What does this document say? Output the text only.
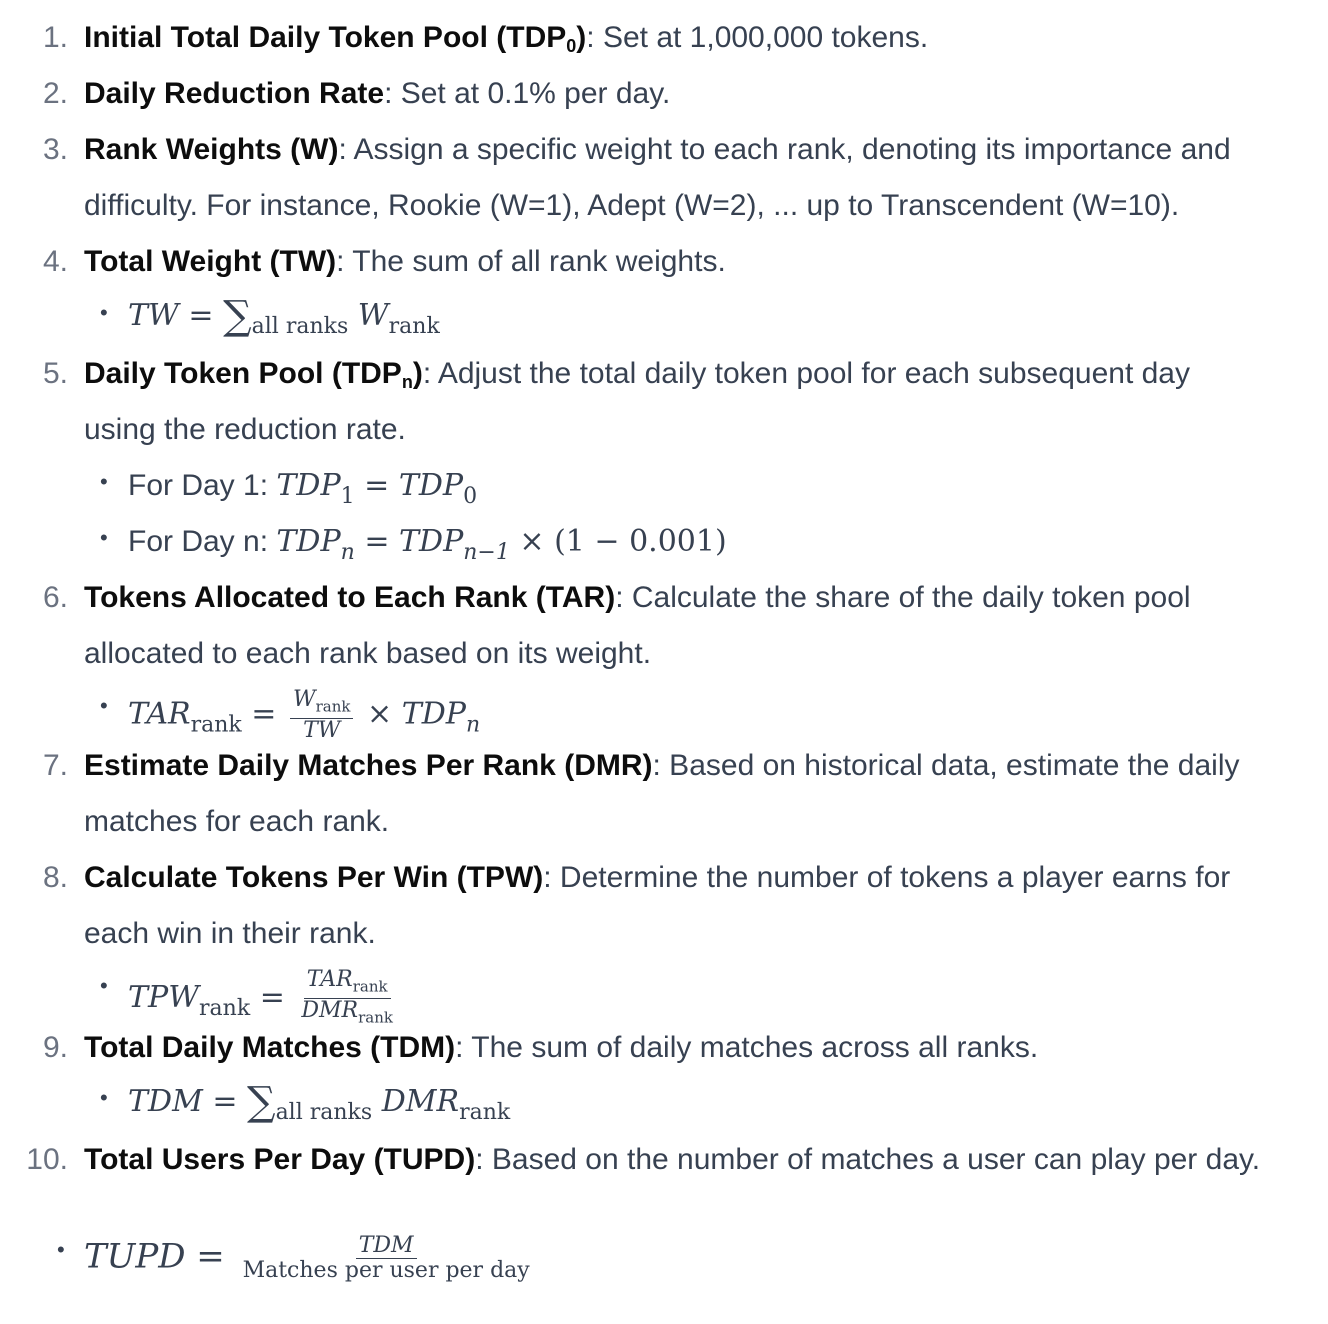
1. Initial Total Daily Token Pool $(TDP_0)$: Set at 1,000,000 tokens.
2. Daily Reduction Rate: Set at 0.1% per day.
3. Rank Weights (W): Assign a specific weight to each rank, denoting its importance and
difficulty. For instance, Rookie (W=1), Adept (W=2), ... up to Transcendent (W=10).
4. Total Weight (TW): The sum of all rank weights.
• TW = $\sum_{all ranks}$ $W_{rank}$
5. Daily Token Pool $(TDP_n)$: Adjust the total daily token pool for each subsequent day
using the reduction rate.
• For Day 1: $TDP_1 = TDP_0$
• For Day n: $TDP_n = TDP_{n-1} \times (1 - 0.001)$
6. Tokens Allocated to Each Rank (TAR): Calculate the share of the daily token pool
allocated to each rank based on its weight.
• $TAR_{rank} = \frac{W_{rank}}{TW} \times TDP_n$
7. Estimate Daily Matches Per Rank (DMR): Based on historical data, estimate the daily
matches for each rank.
8. Calculate Tokens Per Win (TPW): Determine the number of tokens a player earns for
each win in their rank.
• $TPW_{rank} = \frac{TAR_{rank}}{DMR_{rank}}$
9. Total Daily Matches (TDM): The sum of daily matches across all ranks.
• TDM = $\sum_{all ranks}$ $DMR_{rank}$
10. Total Users Per Day (TUPD): Based on the number of matches a user can play per day.
• TUPD = $\frac{\text{TDM}}{\text{Matches per user per day}}$
